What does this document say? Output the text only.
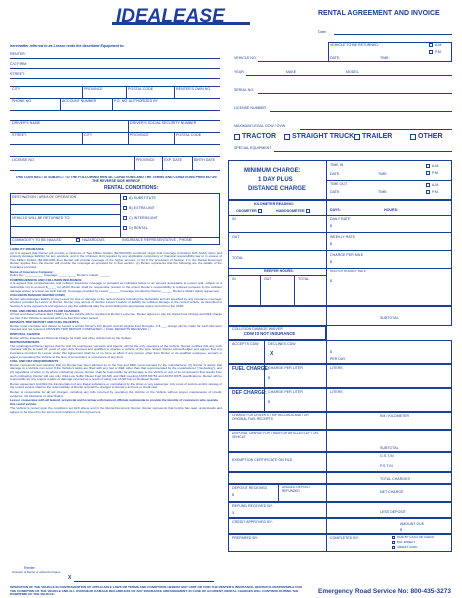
IDEALEASE	RENTAL AGREEMENT AND INVOICE
Date:
hereinafter referred to as Lessor rents the described Equipment to:
RENTER:
C/O FIRM:
STREET:
CITY	PROVINCE	POSTAL CODE	RENTER'S OWN NO.
PHONE NO.	ACCOUNT NUMBER	P.O. NO. AUTHORIZED BY
DRIVER'S NAME	DRIVER'S SOCIAL SECURITY NUMBER
STREET:	CITY	PROVINCE	POSTAL CODE
LICENSE NO.	PROVINCE	EXP. DATE	BIRTH DATE
VEHICLE TO BE RETURNED:	A.M.
P.M.
DATE:	TIME:
VEHICLE NO.
YEAR	MAKE	MODEL
SERIAL NO.
LICENSE NUMBER
MAXIMUM LEGAL GCW / GVW
TRACTOR STRAIGHT TRUCK TRAILER	OTHER
SPECIAL EQUIPMENT
THIS CONTRACT IS SUBJECT TO THE FOLLOWING RENTAL CONDITIONS AND THE TERMS AND CONDITIONS PRINTED ON THE REVERSE SIDE HEREOF
RENTAL CONDITIONS:
DESTINATION / AREA OF OPERATION
VEHICLE WILL BE RETURNED TO:
A) SUBSTITUTE
B) EXTRA UNIT
C) INTERIM UNIT
D) RENTAL
COMMODITY TO BE HAULED	HAZARDOUS	INSURANCE REPRESENTATIVE - PHONE
LIABILITY INSURANCE
(a) It is agreed that Renter will provide a minimum of Two Million Dollars ($2,000,000) combined single limit coverage (including both bodily injury and property damage liability) for any accident, and in the minimum limit required by any applicable compulsory or financial responsibility law or in excess of Two Million Dollars ($2,000,000) then Renter will provide coverage of the higher amount, or (b) If the provisions of Section 1 in the Rental Document Renter applies then the Renter will provide the coverage as provided for in that section. (c) Renter represents that the following are the details of the insurance provided.
Name of Insurance Company:
Policy No.: __________ Coverage: __________ Renter's Initials: ______
COMPREHENSIVE AND COLLISION INSURANCE
It is agreed that comprehensive and collision insurance coverage is provided as indicated below in an amount acceptable to Lessor and, subject to a deductible not to exceed $_____ for which Renter shall be responsible (except to the extent Renter's responsibility is reduced pursuant to the collision damage waiver provision set forth below). Coverage provided by Lessor ______ Coverage provided by Renter ______ Renter's initials signify agreement
COLLISION DAMAGE WAIVER (CDW)
Renter acknowledges liability to pay Lessor for loss or damage to the rented Vehicle including the deductible amount specified by any insurance coverage, whether provided by Lessor or Renter. Renter may accept or decline Lessor's waiver of liability for collision damage to the rented vehicle, as described in Section 6 of the Agreement and agrees to pay the additional daily fee and initialing the appropriate space set forth for the CDW.
FUEL AND DIESEL EXHAUST FLUID CHARGES
All fuel and diesel exhaust fluid ("DEF") for the vehicle will be supplied at Renter's expense. Renter agrees to pay the stated Fuel Charge and DEF charge per liter if the Vehicle is returned with less fuel than when rented.
DRIVER'S TRIP REPORT AND FUEL RECEIPTS
Renter must complete and deliver to Lessor a written Driver's Trip Report and all original Fuel Receipts. A $ ___ charge will be made for each kilometer traveled and not reported. DRIVERS TRIP REPORT COMPLETED ☐ FUEL RECEIPTS RECEIVED ☐
DISPOSAL CHARGE
Renter will be assessed a Disposal Charge for trash and other articles left on the Vehicle.
RENTERS/DRIVERS
The undersigned Renter agrees that he and his employees, servants and agents, will be the only operators of the Vehicle. Renter certifies that any such operator will be at least 21 years of age, duly licensed and qualified to operate a vehicle of the type rented. Renter acknowledges and agrees that any insurance provided by Lessor under this Agreement shall be of no force or effect if any person other than Renter or its qualified employee, servant or agent, is operating the Vehicle at the time of an accident or occurrence of any kind.
FUEL AND DEF REQUIREMENTS
Renter represents and warrants that (1) Renter has been advised as to the fuel and DEF recommended by the manufacturer, (2) Renter is aware that damage to a Vehicle can occur if the Vehicle's tanks are filled with any fuel or DEF other than that recommended by the manufacturer ("misfueling"), and (3) regardless of when or by whom misfueling occurs, Renter shall be responsible for all damage to the Vehicle or any of its components that results from such misfueling. Renter will use only Ultra Low Sulfur Diesel Fuel (ULSD) and DEF meeting ASTM D6751 and ASTM D975 specifications. Renter will be responsible for any engine repairs or damage incurred as a result of using non-ULSD fuel or biodiesel blends.
Renter agreement prohibits the transportation of any illegal substance or contraband by the driver or any passenger. Any costs of seizure and/or storage of the rented vehicle shall be the responsibility of Renter and will be charged to Renter's account or credit card.
Renter is responsible for all toll charges, including any tolls incurred by operating the Vehicle or the Vehicle without proper maintenance of (credit, evidence, toll lubricants or other fluids).
Lessor cooperates with all federal, provincial and local law enforcement officials nationwide to provide the identity of customers who operate this rental vehicle.
The Vehicle is rented upon the conditions set forth above and in the Rental Document. Renter, Renter represents that he/she has read, understands and agrees to be bound by the terms and conditions of this Agreement.
Renter
Operator of Renter or authorized Agent
X
MINIMUM CHARGE:
1 DAY PLUS
DISTANCE CHARGE
TIME IN
DATE:	TIME:
A.M.
P.M.
TIME OUT
DATE:	TIME:
A.M.
P.M.
KILOMETER READING:
ODOMETER	HUBODOMETER	DAYS:	HOURS:
IN	DAILY RATE
$
OUT	WEEKLY RATE
$
TOTAL
CHARGE PER MILE
$
REEFER HOURS:	REEFER HOURLY RATE
$
IN	OUT	TOTAL
SUBTOTAL
COLLISION DAMAGE WAIVER
CDW IS NOT INSURANCE
ACCEPTS CDW	DECLINES CDW
X	$
PER DAY
FUEL CHARGE:
CHARGE PER LITER	LITERS
$
DEF CHARGE: CHARGE PER LITER	LITERS
$
CHARGE FOR DRIVER'S TRIP RECORDS AND / OR ORIGINAL FUEL RECEIPTS
KM / KILOMETER
DISPOSAL CHARGE FOR TRASH OR ARTICLES LEFT ON VEHICLE
SUBTOTAL
EXEMPTION CERTIFICATE ON FILE
G.S.T./N
P.S.T./N
TOTAL CHARGES
DEPOSIT RECEIVED
$
UNUSED DEPOSIT REFUNDED	NET CHARGE
REFUND RECEIVED BY:
X	LESS DEPOSIT
CREDIT APPROVED BY:	AMOUNT DUE
$
PREPARED BY:	COMPLETED BY:	PAID BY CASH OR CHECK
BILL DIRECT
CREDIT CARD
OPERATION OF THE VEHICLE IN CONTRAVENTION OF APPLICABLE LAWS OR TERMS AND CONDITIONS HEREOF MAY LIMIT OR VOID THE RENTER'S INSURANCE. RENTER IS RESPONSIBLE FOR THE CONDITION OF THE VEHICLE AND ALL OVERHEAD DAMAGE REGARDLESS OF ANY INSURANCE ARRANGEMENT. IN CASE OF ACCIDENT, RENTAL CHARGES WILL CONTINUE DURING THE DOWNTIME OF THE VEHICLE.	Emergency Road Service No: 800-435-3273
